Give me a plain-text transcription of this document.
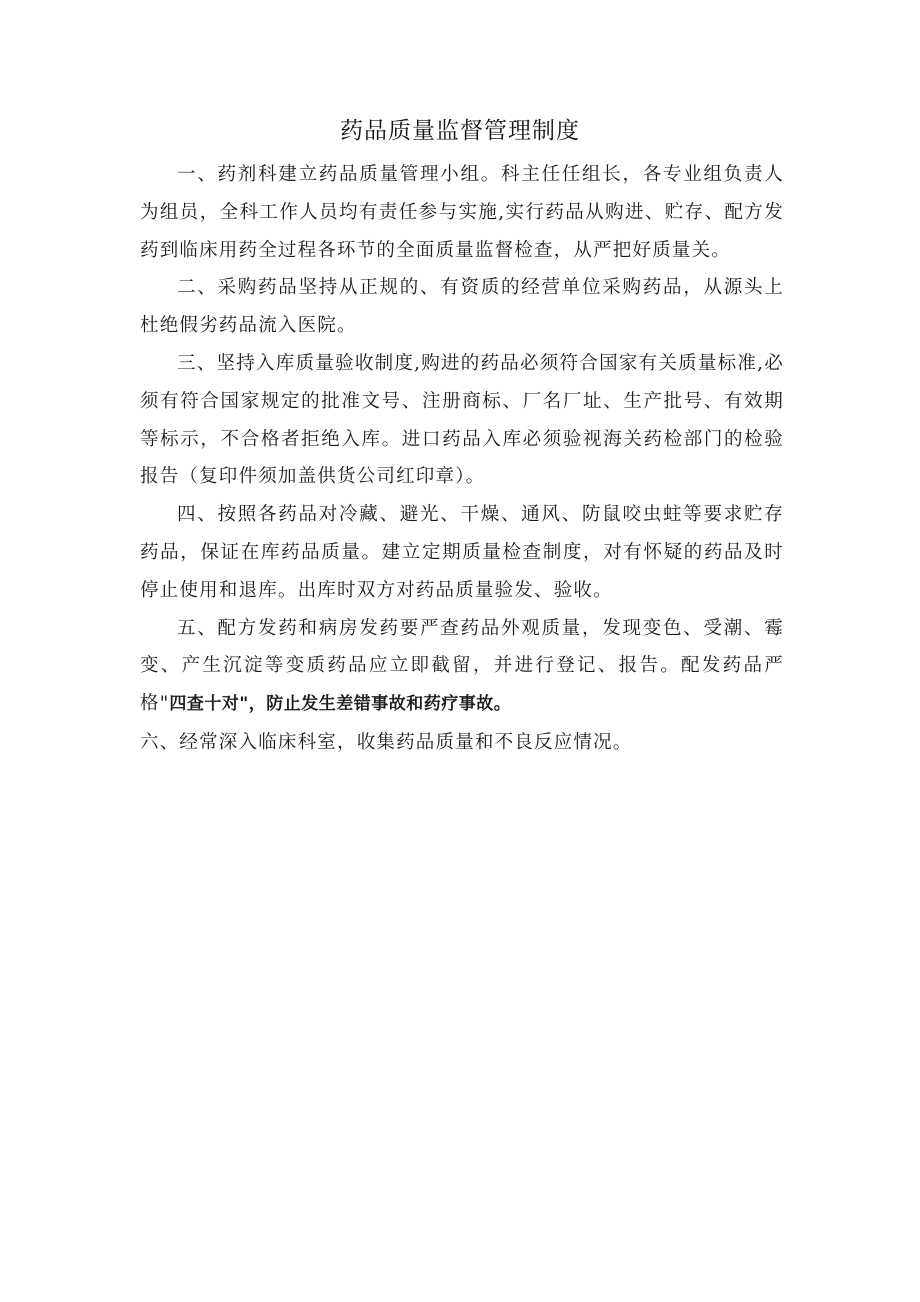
药品质量监督管理制度

一、药剂科建立药品质量管理小组。科主任任组长，各专业组负责人为组员，全科工作人员均有责任参与实施,实行药品从购进、贮存、配方发药到临床用药全过程各环节的全面质量监督检查，从严把好质量关。

二、采购药品坚持从正规的、有资质的经营单位采购药品，从源头上杜绝假劣药品流入医院。

三、坚持入库质量验收制度,购进的药品必须符合国家有关质量标准,必须有符合国家规定的批准文号、注册商标、厂名厂址、生产批号、有效期等标示，不合格者拒绝入库。进口药品入库必须验视海关药检部门的检验报告（复印件须加盖供货公司红印章）。

四、按照各药品对冷藏、避光、干燥、通风、防鼠咬虫蛀等要求贮存药品，保证在库药品质量。建立定期质量检查制度，对有怀疑的药品及时停止使用和退库。出库时双方对药品质量验发、验收。

五、配方发药和病房发药要严查药品外观质量，发现变色、受潮、霉变、产生沉淀等变质药品应立即截留，并进行登记、报告。配发药品严格"四查十对"，防止发生差错事故和药疗事故。

六、经常深入临床科室，收集药品质量和不良反应情况。
